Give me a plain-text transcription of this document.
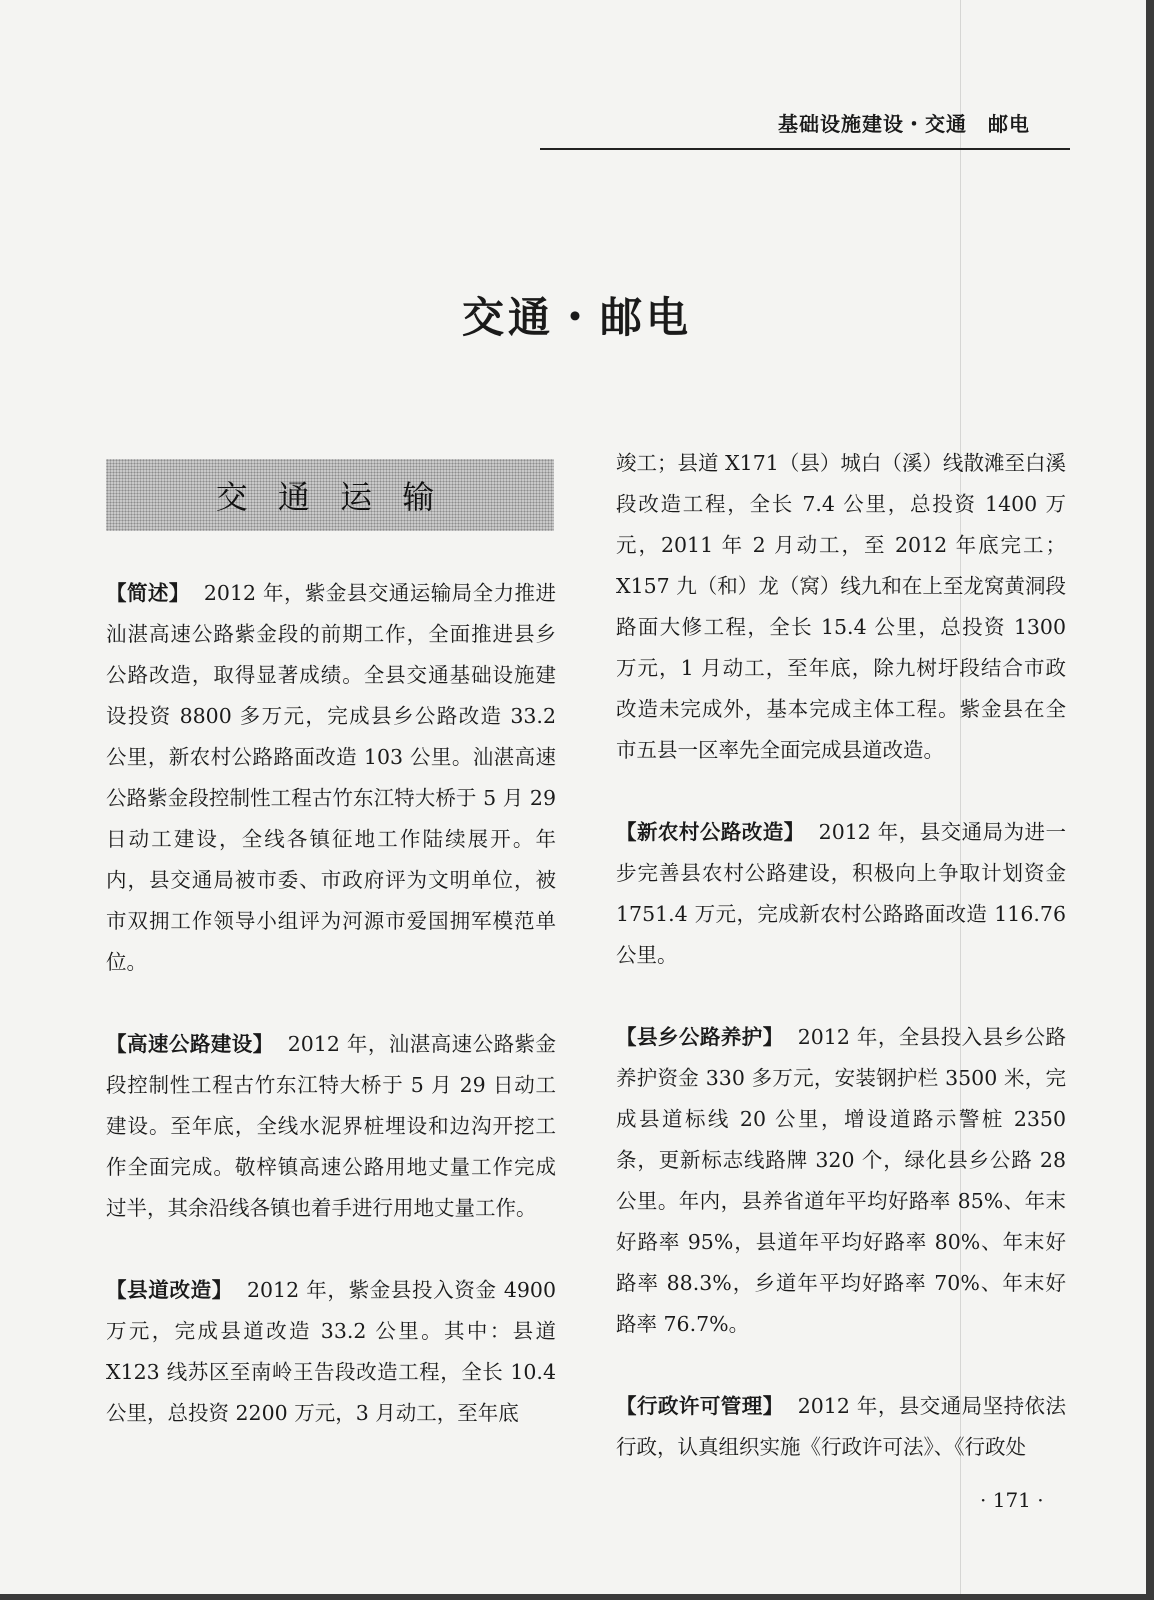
基础设施建设・交通　邮电
交通・邮电
交 通 运 输

【简述】 2012 年，紫金县交通运输局全力推进汕湛高速公路紫金段的前期工作，全面推进县乡公路改造，取得显著成绩。全县交通基础设施建设投资 8800 多万元，完成县乡公路改造 33.2 公里，新农村公路路面改造 103 公里。汕湛高速公路紫金段控制性工程古竹东江特大桥于 5 月 29 日动工建设，全线各镇征地工作陆续展开。年内，县交通局被市委、市政府评为文明单位，被市双拥工作领导小组评为河源市爱国拥军模范单位。

【高速公路建设】 2012 年，汕湛高速公路紫金段控制性工程古竹东江特大桥于 5 月 29 日动工建设。至年底，全线水泥界桩埋设和边沟开挖工作全面完成。敬梓镇高速公路用地丈量工作完成过半，其余沿线各镇也着手进行用地丈量工作。

【县道改造】 2012 年，紫金县投入资金 4900 万元，完成县道改造 33.2 公里。其中：县道 X123 线苏区至南岭王告段改造工程，全长 10.4公里，总投资 2200 万元，3 月动工，至年底

竣工；县道 X171（县）城白（溪）线散滩至白溪段改造工程，全长 7.4 公里，总投资 1400 万元，2011 年 2 月动工，至 2012 年底完工；X157 九（和）龙（窝）线九和在上至龙窝黄洞段路面大修工程，全长 15.4 公里，总投资 1300 万元，1 月动工，至年底，除九树圩段结合市政改造未完成外，基本完成主体工程。紫金县在全市五县一区率先全面完成县道改造。

【新农村公路改造】 2012 年，县交通局为进一步完善县农村公路建设，积极向上争取计划资金 1751.4 万元，完成新农村公路路面改造 116.76 公里。

【县乡公路养护】 2012 年，全县投入县乡公路养护资金 330 多万元，安装钢护栏 3500 米，完成县道标线 20 公里，增设道路示警桩 2350 条，更新标志线路牌 320 个，绿化县乡公路 28 公里。年内，县养省道年平均好路率 85%、年末好路率 95%，县道年平均好路率 80%、年末好路率 88.3%，乡道年平均好路率 70%、年末好路率 76.7%。

【行政许可管理】 2012 年，县交通局坚持依法行政，认真组织实施《行政许可法》、《行政处

· 171 ·
